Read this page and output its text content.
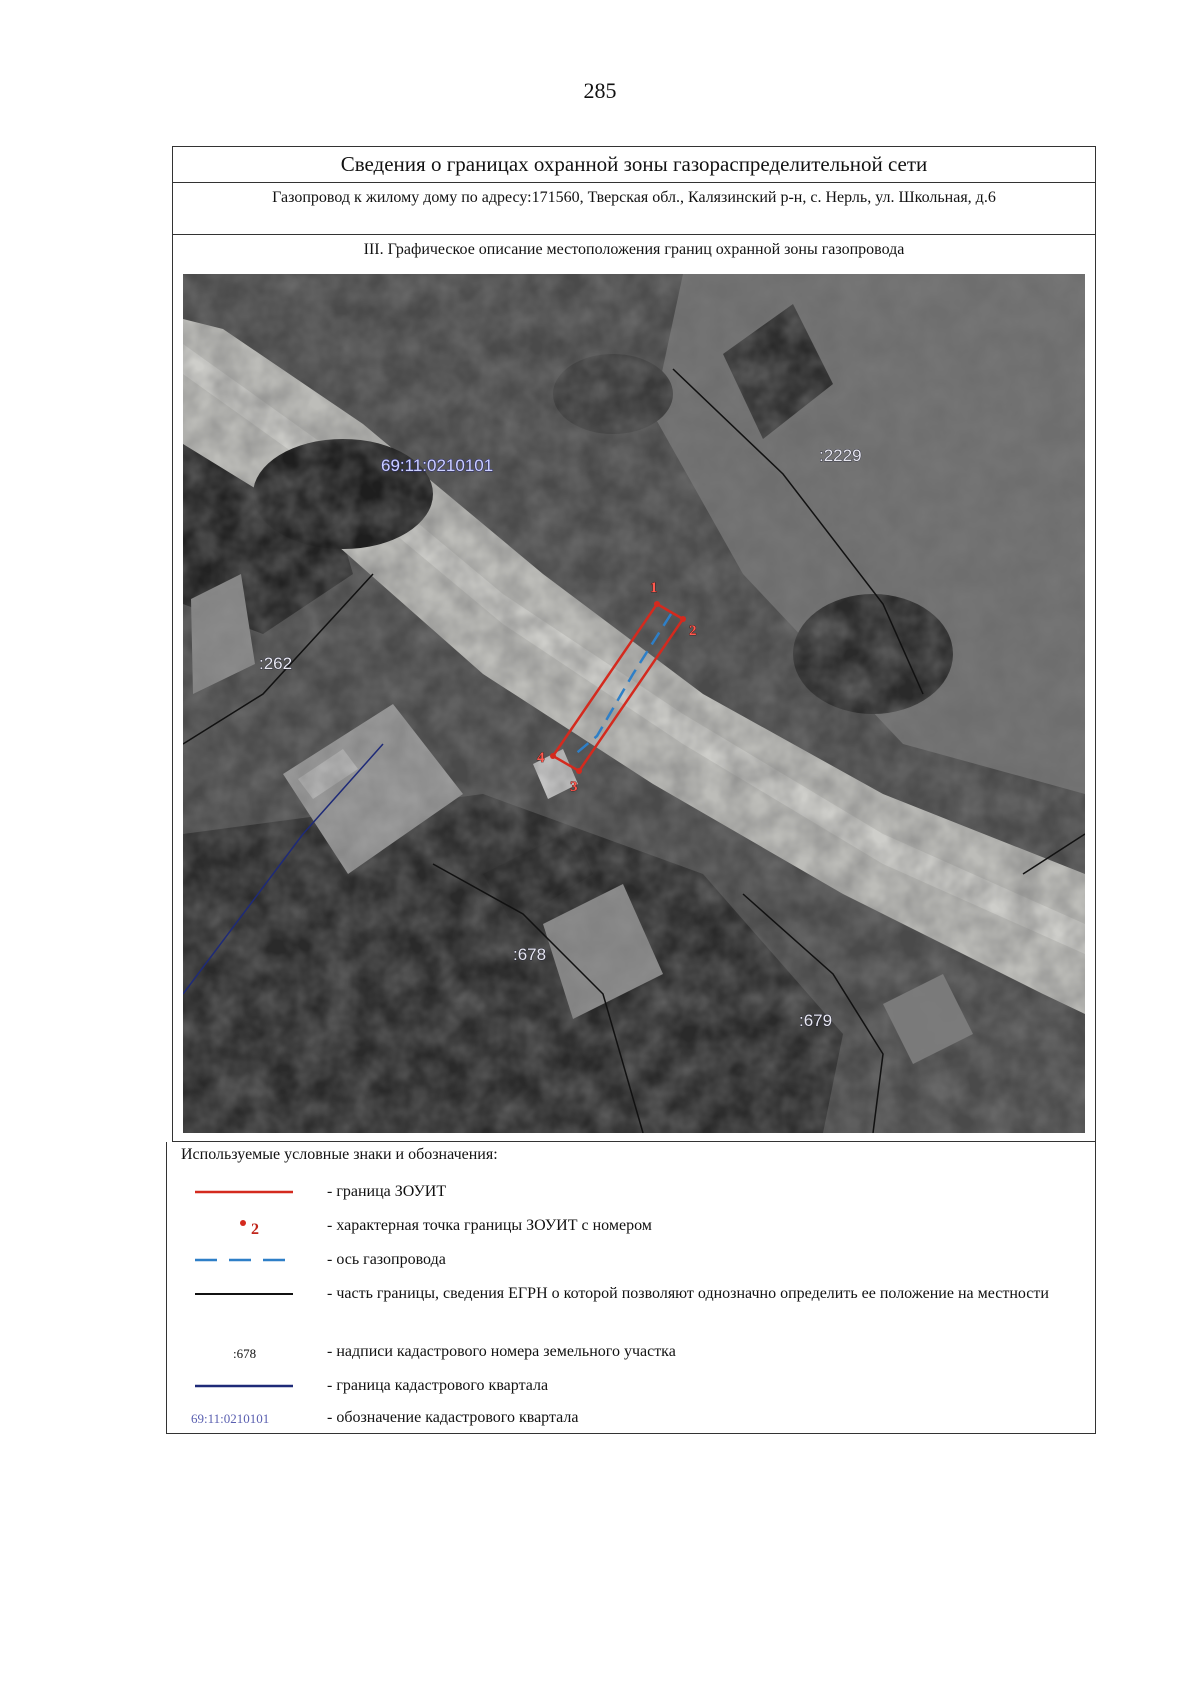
285
Сведения о границах охранной зоны газораспределительной сети
Газопровод к жилому дому по адресу:171560, Тверская обл., Калязинский р-н, с. Нерль, ул. Школьная, д.6
III. Графическое описание местоположения границ охранной зоны газопровода
69:11:0210101
:2229
:262
:678
:679
1
2
3
4
Используемые условные знаки и обозначения:
- граница ЗОУИТ
2	- характерная точка границы ЗОУИТ с номером
- ось газопровода
- часть границы, сведения ЕГРН о которой позволяют однозначно определить ее положение на местности
:678	- надписи кадастрового номера земельного участка
- граница кадастрового квартала
69:11:0210101	- обозначение кадастрового квартала
